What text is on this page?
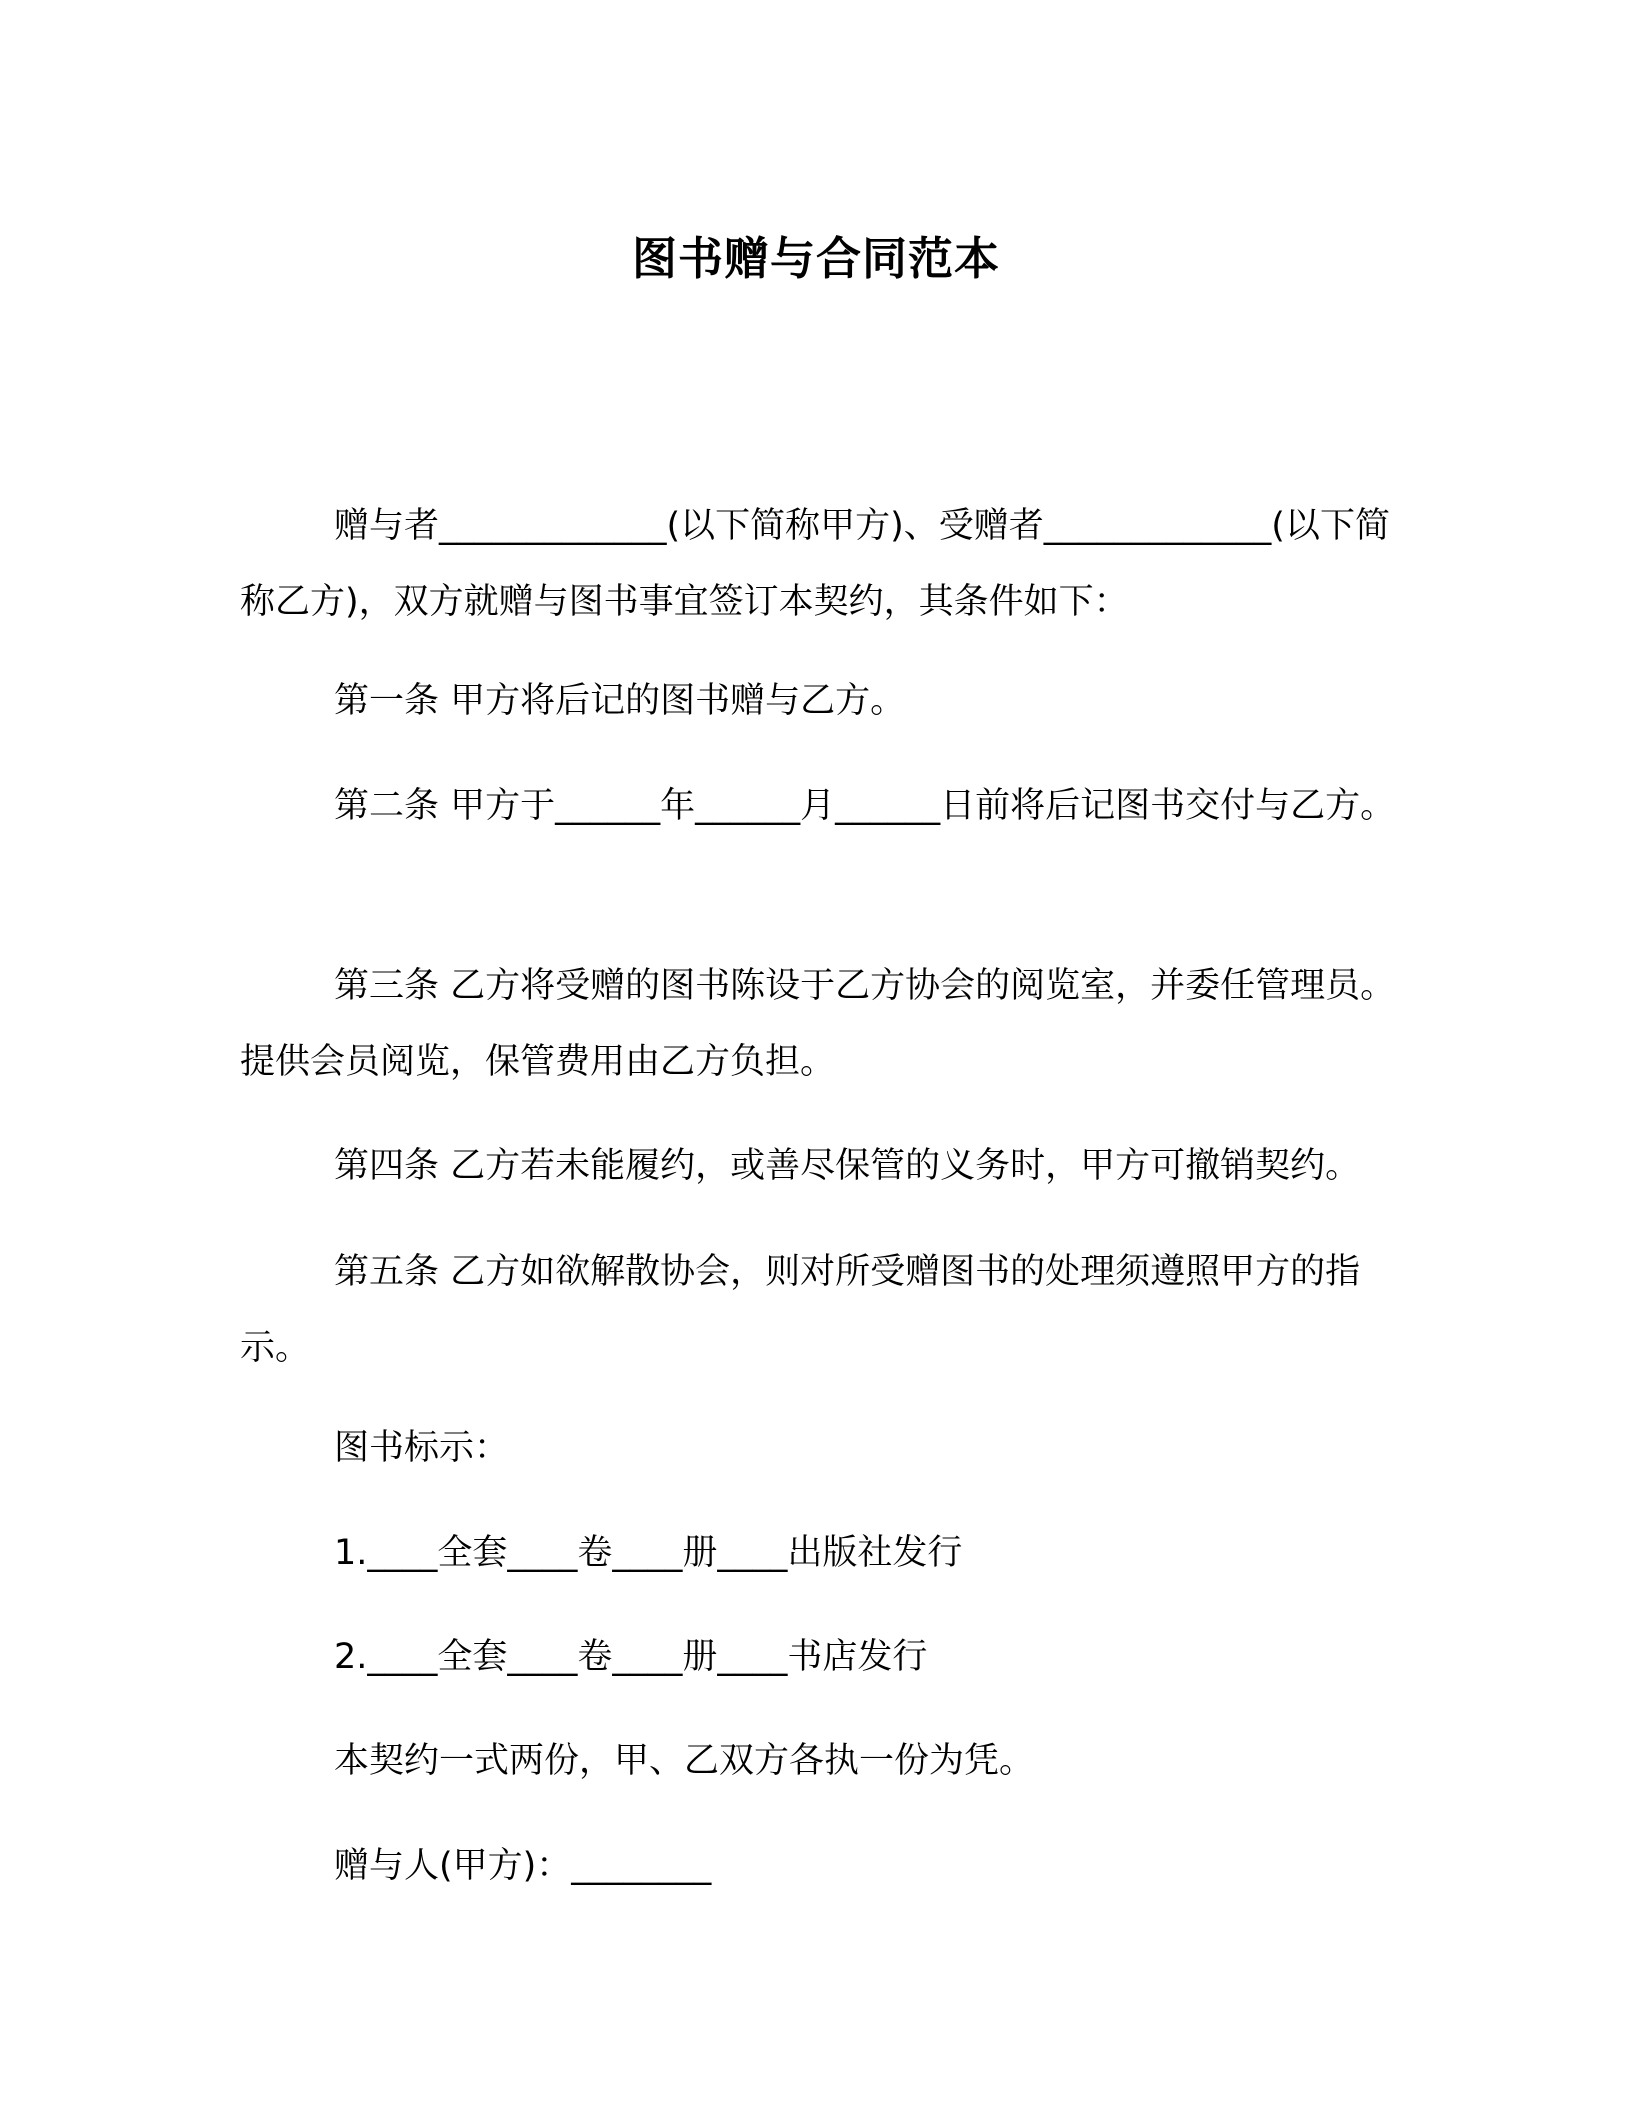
图书赠与合同范本

赠与者_____________(以下简称甲方)、受赠者_____________(以下简称乙方)，双方就赠与图书事宜签订本契约，其条件如下：

第一条 甲方将后记的图书赠与乙方。

第二条 甲方于______年______月______日前将后记图书交付与乙方。

第三条 乙方将受赠的图书陈设于乙方协会的阅览室，并委任管理员。提供会员阅览，保管费用由乙方负担。

第四条 乙方若未能履约，或善尽保管的义务时，甲方可撤销契约。

第五条 乙方如欲解散协会，则对所受赠图书的处理须遵照甲方的指示。

图书标示：

1.____全套____卷____册____出版社发行

2.____全套____卷____册____书店发行

本契约一式两份，甲、乙双方各执一份为凭。

赠与人(甲方)：________
